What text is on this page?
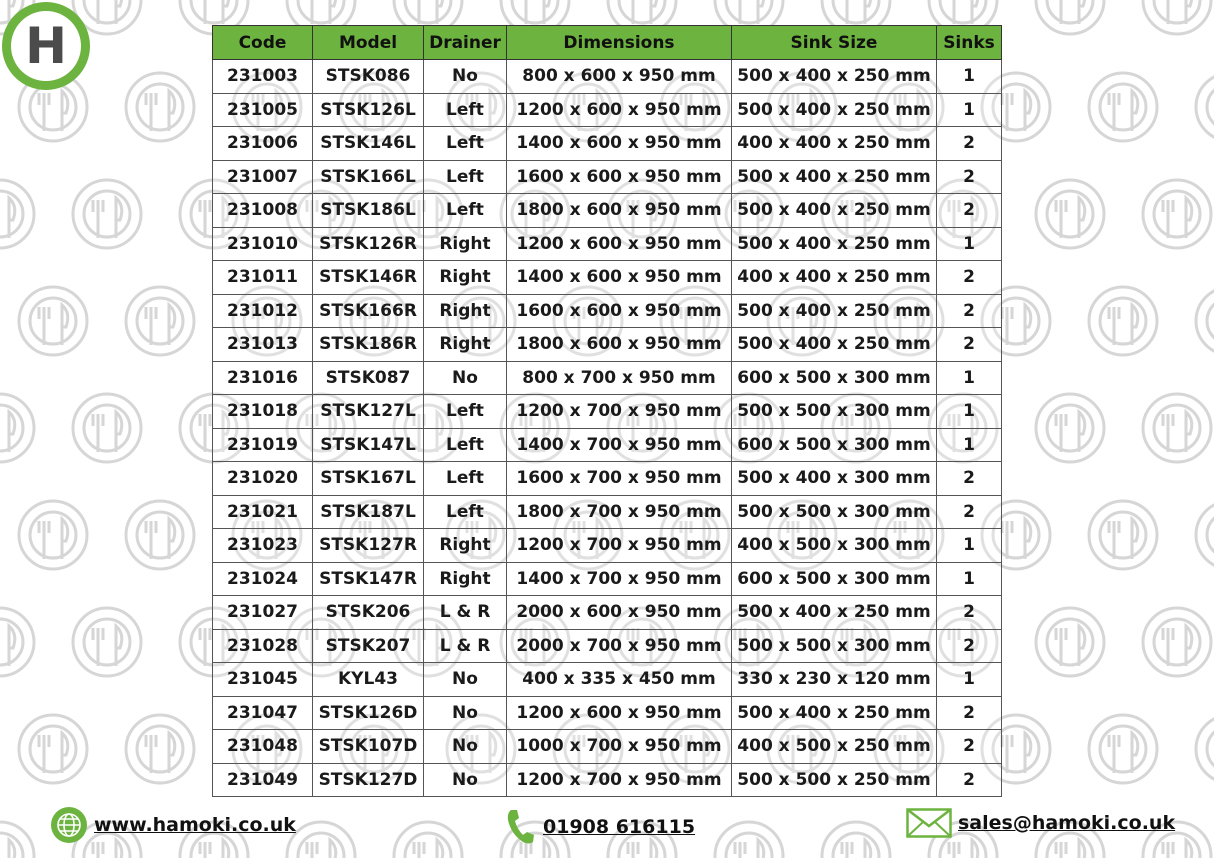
H	Code	Model	Drainer	Dimensions	Sink Size	Sinks
231003	STSK086	No	800 x 600 x 950 mm	500 x 400 x 250 mm	1
231005	STSK126L	Left	1200 x 600 x 950 mm	500 x 400 x 250 mm	1
231006	STSK146L	Left	1400 x 600 x 950 mm	400 x 400 x 250 mm	2
231007	STSK166L	Left	1600 x 600 x 950 mm	500 x 400 x 250 mm	2
231008	STSK186L	Left	1800 x 600 x 950 mm	500 x 400 x 250 mm	2
231010	STSK126R	Right	1200 x 600 x 950 mm	500 x 400 x 250 mm	1
231011	STSK146R	Right	1400 x 600 x 950 mm	400 x 400 x 250 mm	2
231012	STSK166R	Right	1600 x 600 x 950 mm	500 x 400 x 250 mm	2
231013	STSK186R	Right	1800 x 600 x 950 mm	500 x 400 x 250 mm	2
231016	STSK087	No	800 x 700 x 950 mm	600 x 500 x 300 mm	1
231018	STSK127L	Left	1200 x 700 x 950 mm	500 x 500 x 300 mm	1
231019	STSK147L	Left	1400 x 700 x 950 mm	600 x 500 x 300 mm	1
231020	STSK167L	Left	1600 x 700 x 950 mm	500 x 400 x 300 mm	2
231021	STSK187L	Left	1800 x 700 x 950 mm	500 x 500 x 300 mm	2
231023	STSK127R	Right	1200 x 700 x 950 mm	400 x 500 x 300 mm	1
231024	STSK147R	Right	1400 x 700 x 950 mm	600 x 500 x 300 mm	1
231027	STSK206	L & R	2000 x 600 x 950 mm	500 x 400 x 250 mm	2
231028	STSK207	L & R	2000 x 700 x 950 mm	500 x 500 x 300 mm	2
231045	KYL43	No	400 x 335 x 450 mm	330 x 230 x 120 mm	1
231047	STSK126D	No	1200 x 600 x 950 mm	500 x 400 x 250 mm	2
231048	STSK107D	No	1000 x 700 x 950 mm	400 x 500 x 250 mm	2
231049	STSK127D	No	1200 x 700 x 950 mm	500 x 500 x 250 mm	2
www.hamoki.co.uk	01908 616115	sales@hamoki.co.uk
